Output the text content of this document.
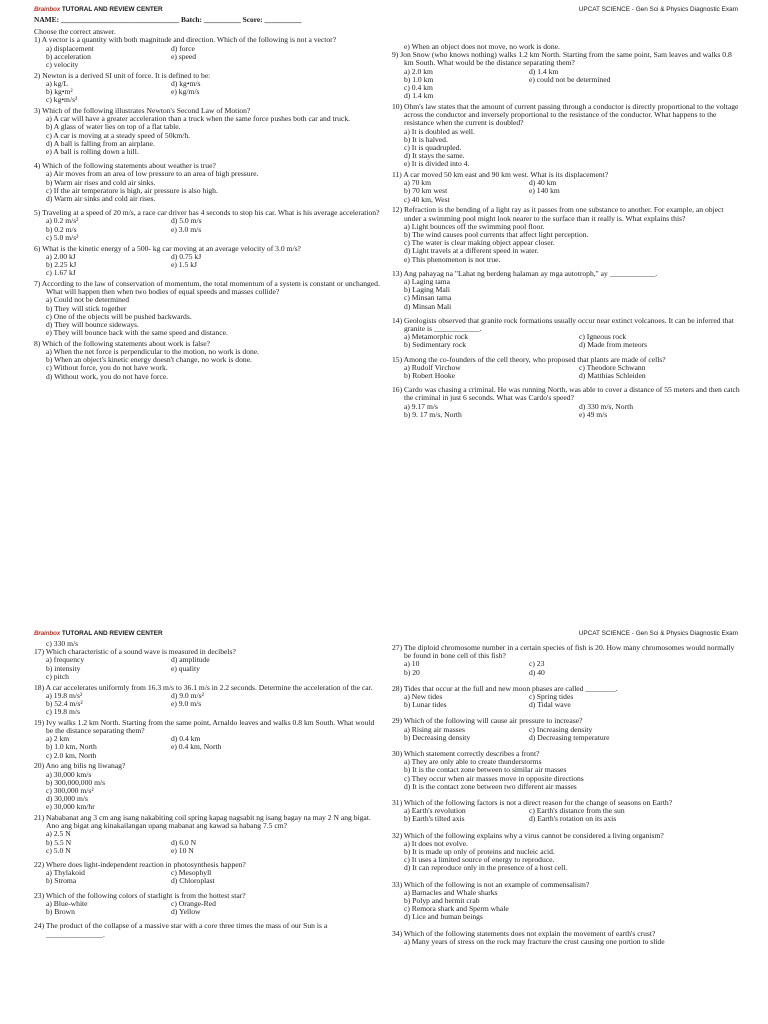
Brainbox TUTORAL AND REVIEW CENTER	UPCAT SCIENCE - Gen Sci & Physics Diagnostic Exam
NAME: ________________________________ Batch: __________ Score: __________
Choose the correct answer.
1) A vector is a quantity with both magnitude and direction. Which of the following is not a vector?
a) displacement	d) force
b) acceleration	e) speed
c) velocity
2) Newton is a derived SI unit of force. It is defined to be:
a) kg/L	d) kg•m/s
b) kg•m²	e) kg/m/s
c) kg•m/s²
3) Which of the following illustrates Newton's Second Law of Motion?
a) A car will have a greater acceleration than a truck when the same force pushes both car and truck.
b) A glass of water lies on top of a flat table.
c) A car is moving at a steady speed of 50km/h.
d) A ball is falling from an airplane.
e) A ball is rolling down a hill.
4) Which of the following statements about weather is true?
a) Air moves from an area of low pressure to an area of high pressure.
b) Warm air rises and cold air sinks.
c) If the air temperature is high, air pressure is also high.
d) Warm air sinks and cold air rises.
5) Traveling at a speed of 20 m/s, a race car driver has 4 seconds to stop his car. What is his average acceleration?
a) 0.2 m/s²	d) 5.0 m/s
b) 0.2 m/s	e) 3.0 m/s
c) 5.0 m/s²
6) What is the kinetic energy of a 500- kg car moving at an average velocity of 3.0 m/s?
a) 2.00 kJ	d) 0.75 kJ
b) 2.25 kJ	e) 1.5 kJ
c) 1.67 kJ
7) According to the law of conservation of momentum, the total momentum of a system is constant or unchanged. What will happen then when two bodies of equal speeds and masses collide?
a) Could not be determined
b) They will stick together
c) One of the objects will be pushed backwards.
d) They will bounce sideways.
e) They will bounce back with the same speed and distance.
8) Which of the following statements about work is false?
a) When the net force is perpendicular to the motion, no work is done.
b) When an object's kinetic energy doesn't change, no work is done.
c) Without force, you do not have work.
d) Without work, you do not have force.
e) When an object does not move, no work is done.
9) Jon Snow (who knows nothing) walks 1.2 km North. Starting from the same point, Sam leaves and walks 0.8 km South. What would be the distance separating them?
a) 2.0 km	d) 1.4 km
b) 1.0 km	e) could not be determined
c) 0.4 km
d) 1.4 km
10) Ohm's law states that the amount of current passing through a conductor is directly proportional to the voltage across the conductor and inversely proportional to the resistance of the conductor. What happens to the resistance when the current is doubled?
a) It is doubled as well.
b) It is halved.
c) It is quadrupled.
d) It stays the same.
e) It is divided into 4.
11) A car moved 50 km east and 90 km west. What is its displacement?
a) 70 km	d) 40 km
b) 70 km west	e) 140 km
c) 40 km, West
12) Refraction is the bending of a light ray as it passes from one substance to another. For example, an object under a swimming pool might look nearer to the surface than it really is. What explains this?
a) Light bounces off the swimming pool floor.
b) The wind causes pool currents that affect light perception.
c) The water is clear making object appear closer.
d) Light travels at a different speed in water.
e) This phenomenon is not true.
13) Ang pahayag na "Lahat ng berdeng halaman ay mga autotroph," ay ____________.
a) Laging tama
b) Laging Mali
c) Minsan tama
d) Minsan Mali
14) Geologists observed that granite rock formations usually occur near extinct volcanoes. It can be inferred that granite is ____________.
a) Metamorphic rock	c) Igneous rock
b) Sedimentary rock	d) Made from meteors
15) Among the co-founders of the cell theory, who proposed that plants are made of cells?
a) Rudolf Virchow	c) Theodore Schwann
b) Robert Hooke	d) Matthias Schleiden
16) Cardo was chasing a criminal. He was running North, was able to cover a distance of 55 meters and then catch the criminal in just 6 seconds. What was Cardo's speed?
a) 9.17 m/s	d) 330 m/s, North
b) 9. 17 m/s, North	e) 49 m/s
Brainbox TUTORAL AND REVIEW CENTER	UPCAT SCIENCE - Gen Sci & Physics Diagnostic Exam
c) 330 m/s
17) Which characteristic of a sound wave is measured in decibels?
a) frequency	d) amplitude
b) intensity	e) quality
c) pitch
18) A car accelerates uniformly from 16.3 m/s to 36.1 m/s in 2.2 seconds. Determine the acceleration of the car.
a) 19.8 m/s²	d) 9.0 m/s²
b) 52.4 m/s²	e) 9.0 m/s
c) 19.8 m/s
19) Ivy walks 1.2 km North. Starting from the same point, Arnaldo leaves and walks 0.8 km South. What would be the distance separating them?
a) 2 km	d) 0.4 km
b) 1.0 km, North	e) 0.4 km, North
c) 2.0 km, North
20) Ano ang bilis ng liwanag?
a) 30,000 km/s
b) 300,000,000 m/s
c) 300,000 m/s²
d) 30,000 m/s
e) 30,000 km/hr
21) Nababanat ang 3 cm ang isang nakabiting coil spring kapag nagsabit ng isang bagay na may 2 N ang bigat. Ano ang bigat ang kinakailangan upang mabanat ang kawad sa habang 7.5 cm?
a) 2.5 N
b) 5.5 N	d) 6.0 N
c) 5.0 N	e) 10 N
22) Where does light-independent reaction in photosynthesis happen?
a) Thylakoid	c) Mesophyll
b) Stroma	d) Chloroplast
23) Which of the following colors of starlight is from the hottest star?
a) Blue-white	c) Orange-Red
b) Brown	d) Yellow
24) The product of the collapse of a massive star with a core three times the mass of our Sun is a _______________.
27) The diploid chromosome number in a certain species of fish is 20. How many chromosomes would normally be found in bone cell of this fish?
a) 10	c) 23
b) 20	d) 40
28) Tides that occur at the full and new moon phases are called ________.
a) New tides	c) Spring tides
b) Lunar tides	d) Tidal wave
29) Which of the following will cause air pressure to increase?
a) Rising air masses	c) Increasing density
b) Decreasing density	d) Decreasing temperature
30) Which statement correctly describes a front?
a) They are only able to create thunderstorms
b) It is the contact zone between to similar air masses
c) They occur when air masses move in opposite directions
d) It is the contact zone between two different air masses
31) Which of the following factors is not a direct reason for the change of seasons on Earth?
a) Earth's revolution	c) Earth's distance from the sun
b) Earth's tilted axis	d) Earth's rotation on its axis
32) Which of the following explains why a virus cannot be considered a living organism?
a) It does not evolve.
b) It is made up only of proteins and nucleic acid.
c) It uses a limited source of energy to reproduce.
d) It can reproduce only in the presence of a host cell.
33) Which of the following is not an example of commensalism?
a) Barnacles and Whale sharks
b) Polyp and hermit crab
c) Remora shark and Sperm whale
d) Lice and human beings
34) Which of the following statements does not explain the movement of earth's crust?
a) Many years of stress on the rock may fracture the crust causing one portion to slide
